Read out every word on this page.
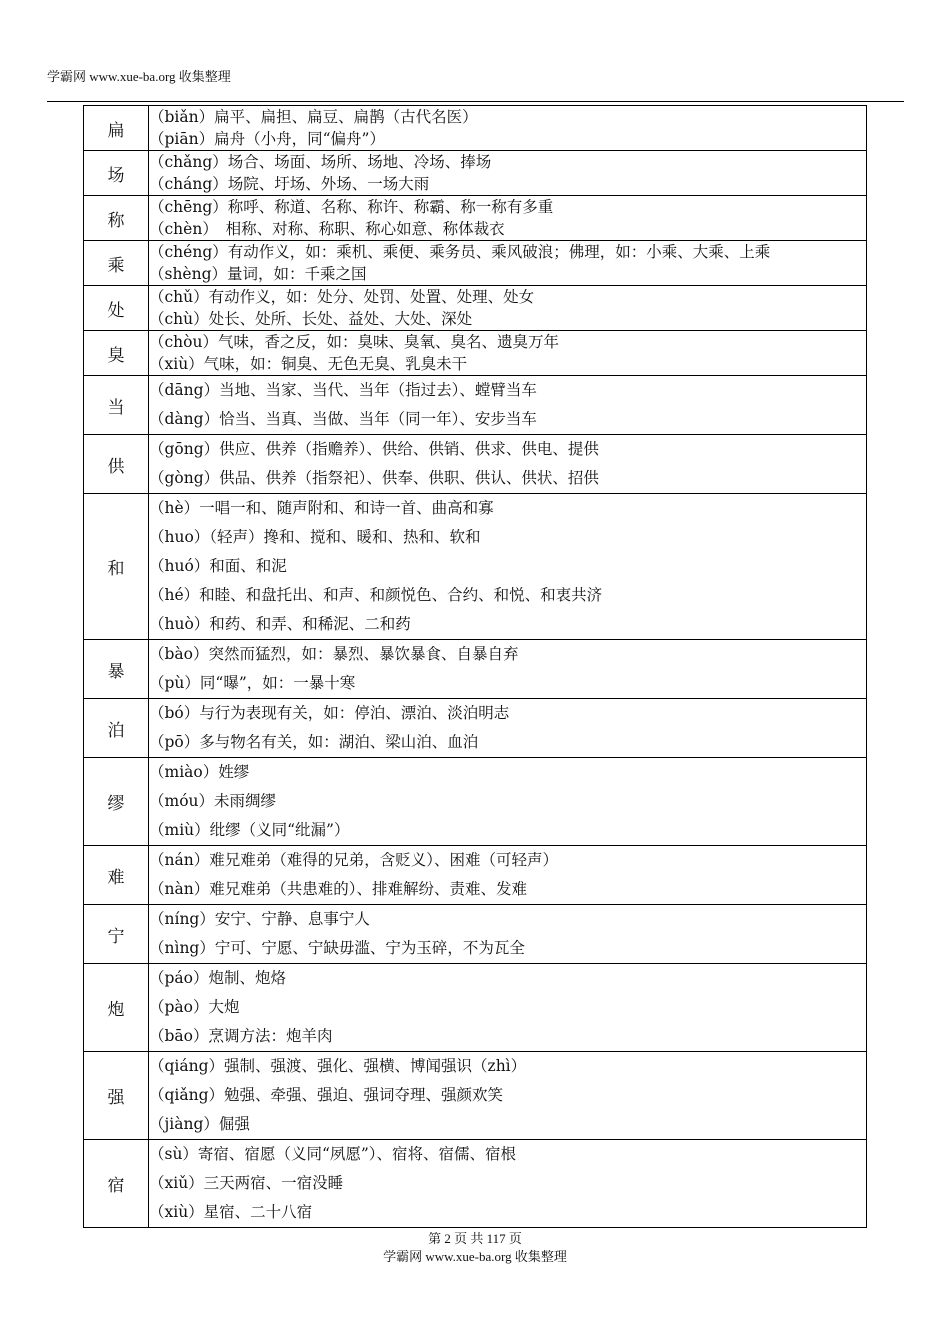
学霸网 www.xue-ba.org 收集整理
扁	（biǎn）扁平、扁担、扁豆、扁鹊（古代名医）
（piān）扁舟（小舟，同“偏舟”）

场	（chǎng）场合、场面、场所、场地、冷场、捧场
（cháng）场院、圩场、外场、一场大雨

称	（chēng）称呼、称道、名称、称许、称霸、称一称有多重
（chèn）　相称、对称、称职、称心如意、称体裁衣

乘	（chéng）有动作义，如：乘机、乘便、乘务员、乘风破浪；佛理，如：小乘、大乘、上乘
（shèng）量词，如：千乘之国

处	（chǔ）有动作义，如：处分、处罚、处置、处理、处女
（chù）处长、处所、长处、益处、大处、深处

臭	（chòu）气味，香之反，如：臭味、臭氧、臭名、遗臭万年
（xiù）气味，如：铜臭、无色无臭、乳臭未干

当	（dāng）当地、当家、当代、当年（指过去）、螳臂当车
（dàng）恰当、当真、当做、当年（同一年）、安步当车

供	（gōng）供应、供养（指赡养）、供给、供销、供求、供电、提供
（gòng）供品、供养（指祭祀）、供奉、供职、供认、供状、招供

和	（hè）一唱一和、随声附和、和诗一首、曲高和寡
（huo）（轻声）搀和、搅和、暖和、热和、软和
（huó）和面、和泥
（hé）和睦、和盘托出、和声、和颜悦色、合约、和悦、和衷共济
（huò）和药、和弄、和稀泥、二和药

暴	（bào）突然而猛烈，如：暴烈、暴饮暴食、自暴自弃
（pù）同“曝”，如：一暴十寒

泊	（bó）与行为表现有关，如：停泊、漂泊、淡泊明志
（pō）多与物名有关，如：湖泊、梁山泊、血泊

缪	（miào）姓缪
（móu）未雨绸缪
（miù）纰缪（义同“纰漏”）

难	（nán）难兄难弟（难得的兄弟，含贬义）、困难（可轻声）
（nàn）难兄难弟（共患难的）、排难解纷、责难、发难

宁	（níng）安宁、宁静、息事宁人
（nìng）宁可、宁愿、宁缺毋滥、宁为玉碎，不为瓦全

炮	（páo）炮制、炮烙
（pào）大炮
（bāo）烹调方法：炮羊肉

强	（qiáng）强制、强渡、强化、强横、博闻强识（zhì）
（qiǎng）勉强、牵强、强迫、强词夺理、强颜欢笑
（jiàng）倔强

宿	（sù）寄宿、宿愿（义同“夙愿”）、宿将、宿儒、宿根
（xiǔ）三天两宿、一宿没睡
（xiù）星宿、二十八宿
第 2 页 共 117 页
学霸网 www.xue-ba.org 收集整理
